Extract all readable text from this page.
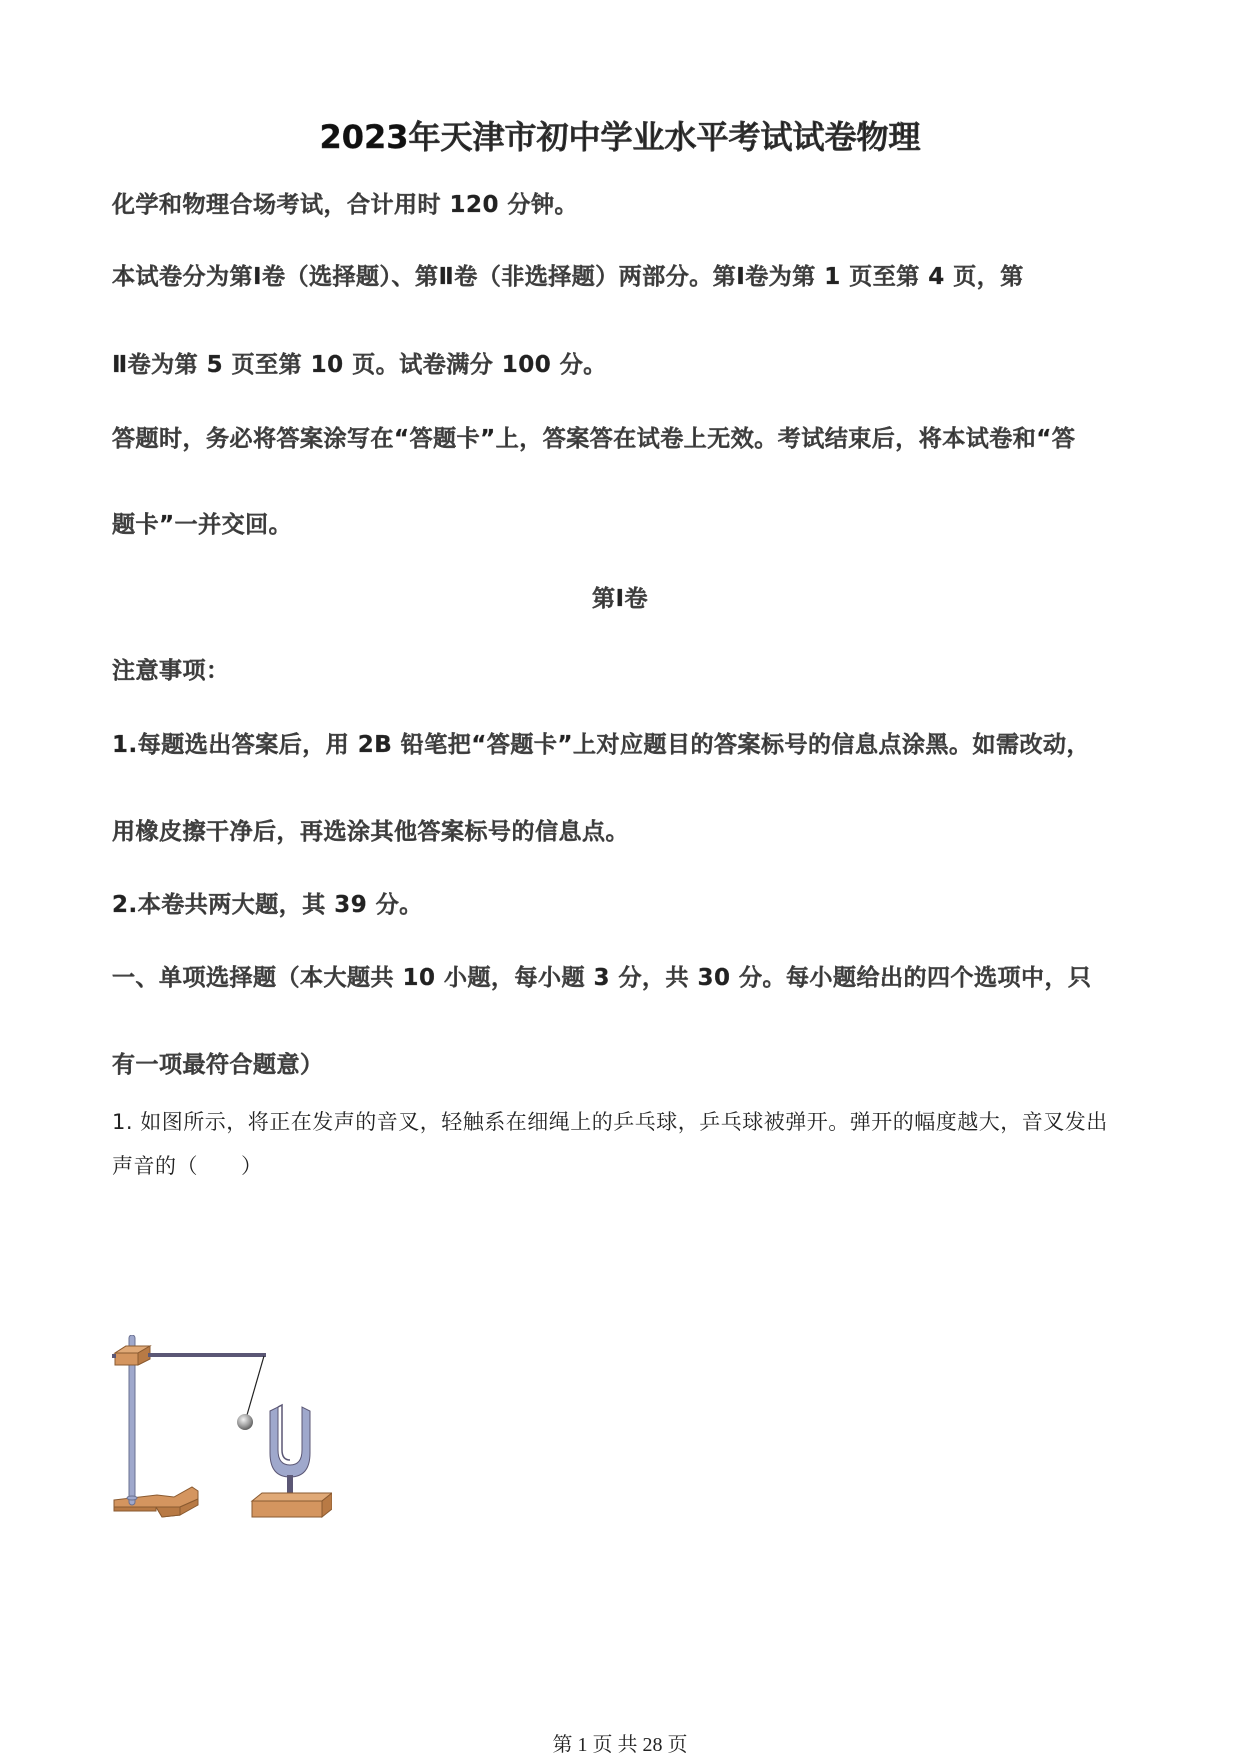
2023年天津市初中学业水平考试试卷物理
化学和物理合场考试，合计用时 120 分钟。
本试卷分为第Ⅰ卷（选择题）、第Ⅱ卷（非选择题）两部分。第Ⅰ卷为第 1 页至第 4 页，第
Ⅱ卷为第 5 页至第 10 页。试卷满分 100 分。
答题时，务必将答案涂写在“答题卡”上，答案答在试卷上无效。考试结束后，将本试卷和“答
题卡”一并交回。
第Ⅰ卷
注意事项：
1.每题选出答案后，用 2B 铅笔把“答题卡”上对应题目的答案标号的信息点涂黑。如需改动，
用橡皮擦干净后，再选涂其他答案标号的信息点。
2.本卷共两大题，其 39 分。
一、单项选择题（本大题共 10 小题，每小题 3 分，共 30 分。每小题给出的四个选项中，只
有一项最符合题意）
1. 如图所示，将正在发声的音叉，轻触系在细绳上的乒乓球，乒乓球被弹开。弹开的幅度越大，音叉发出
声音的（　　）
第 1 页 共 28 页
